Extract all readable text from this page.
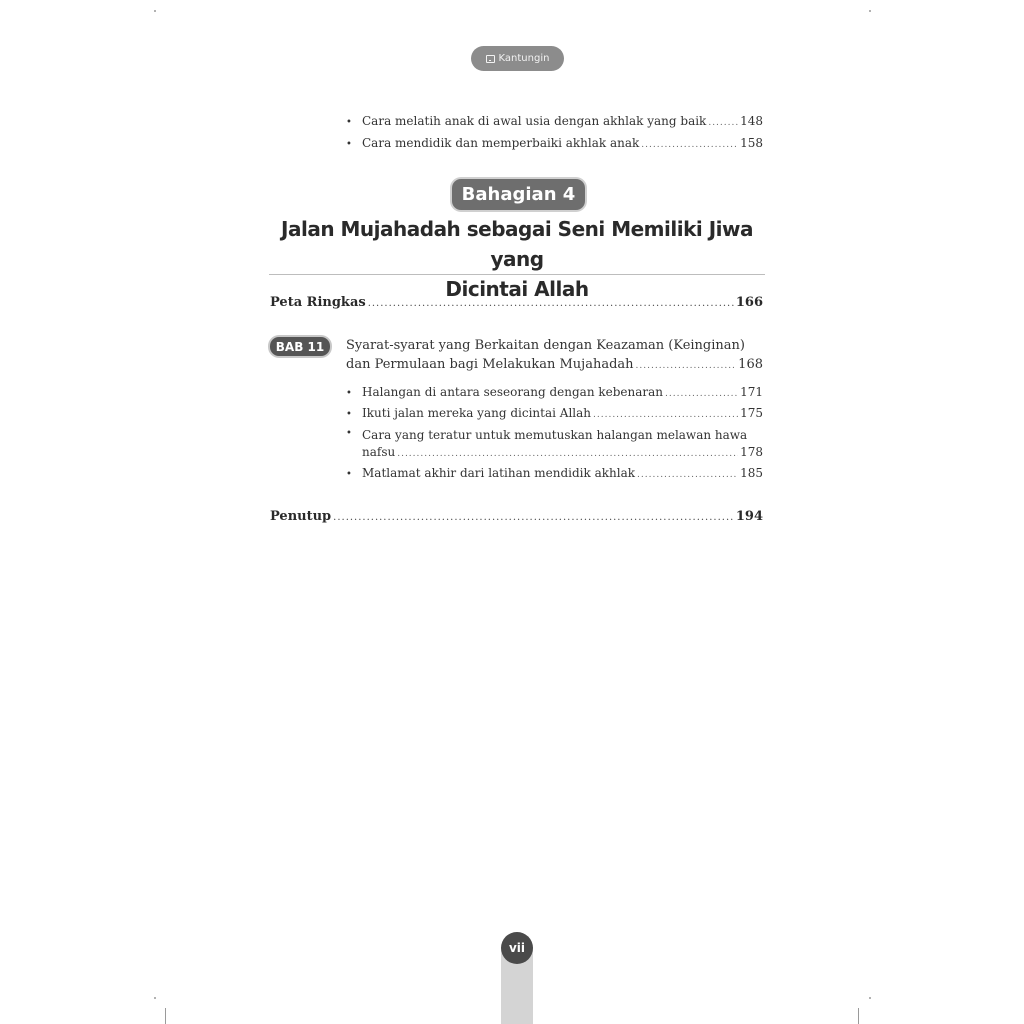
Kantungin
• Cara melatih anak di awal usia dengan akhlak yang baik .....	148
• Cara mendidik dan memperbaiki akhlak anak .....	158
Bahagian 4
Jalan Mujahadah sebagai Seni Memiliki Jiwa yang
Dicintai Allah
Peta Ringkas .....	166
BAB 11	Syarat-syarat yang Berkaitan dengan Keazaman (Keinginan)
dan Permulaan bagi Melakukan Mujahadah .....	168
• Halangan di antara seseorang dengan kebenaran .....	171
• Ikuti jalan mereka yang dicintai Allah .....	175
• Cara yang teratur untuk memutuskan halangan melawan hawa
nafsu .....	178
• Matlamat akhir dari latihan mendidik akhlak .....	185
Penutup .....	194
vii
